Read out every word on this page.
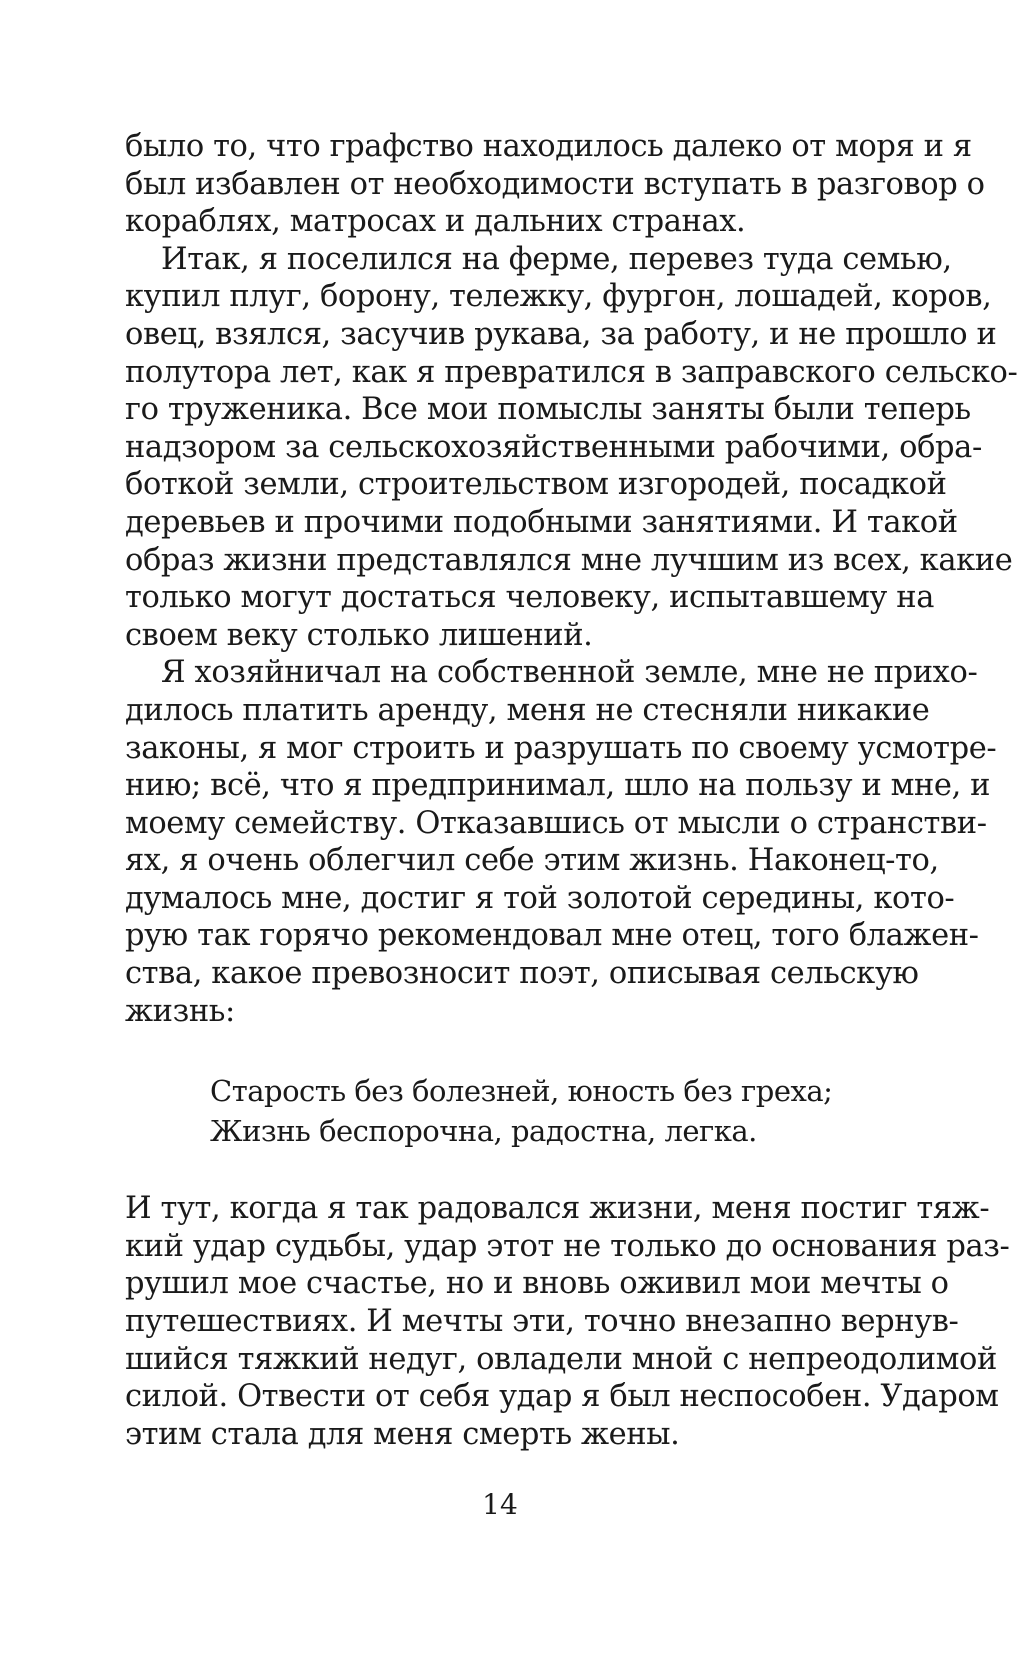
было то, что графство находилось далеко от моря и я
был избавлен от необходимости вступать в разговор о
кораблях, матросах и дальних странах.
Итак, я поселился на ферме, перевез туда семью,
купил плуг, борону, тележку, фургон, лошадей, коров,
овец, взялся, засучив рукава, за работу, и не прошло и
полутора лет, как я превратился в заправского сельско-
го труженика. Все мои помыслы заняты были теперь
надзором за сельскохозяйственными рабочими, обра-
боткой земли, строительством изгородей, посадкой
деревьев и прочими подобными занятиями. И такой
образ жизни представлялся мне лучшим из всех, какие
только могут достаться человеку, испытавшему на
своем веку столько лишений.
Я хозяйничал на собственной земле, мне не прихо-
дилось платить аренду, меня не стесняли никакие
законы, я мог строить и разрушать по своему усмотре-
нию; всё, что я предпринимал, шло на пользу и мне, и
моему семейству. Отказавшись от мысли о странстви-
ях, я очень облегчил себе этим жизнь. Наконец-то,
думалось мне, достиг я той золотой середины, кото-
рую так горячо рекомендовал мне отец, того блажен-
ства, какое превозносит поэт, описывая сельскую
жизнь:
Старость без болезней, юность без греха;
Жизнь беспорочна, радостна, легка.
И тут, когда я так радовался жизни, меня постиг тяж-
кий удар судьбы, удар этот не только до основания раз-
рушил мое счастье, но и вновь оживил мои мечты о
путешествиях. И мечты эти, точно внезапно вернув-
шийся тяжкий недуг, овладели мной с непреодолимой
силой. Отвести от себя удар я был неспособен. Ударом
этим стала для меня смерть жены.
14
